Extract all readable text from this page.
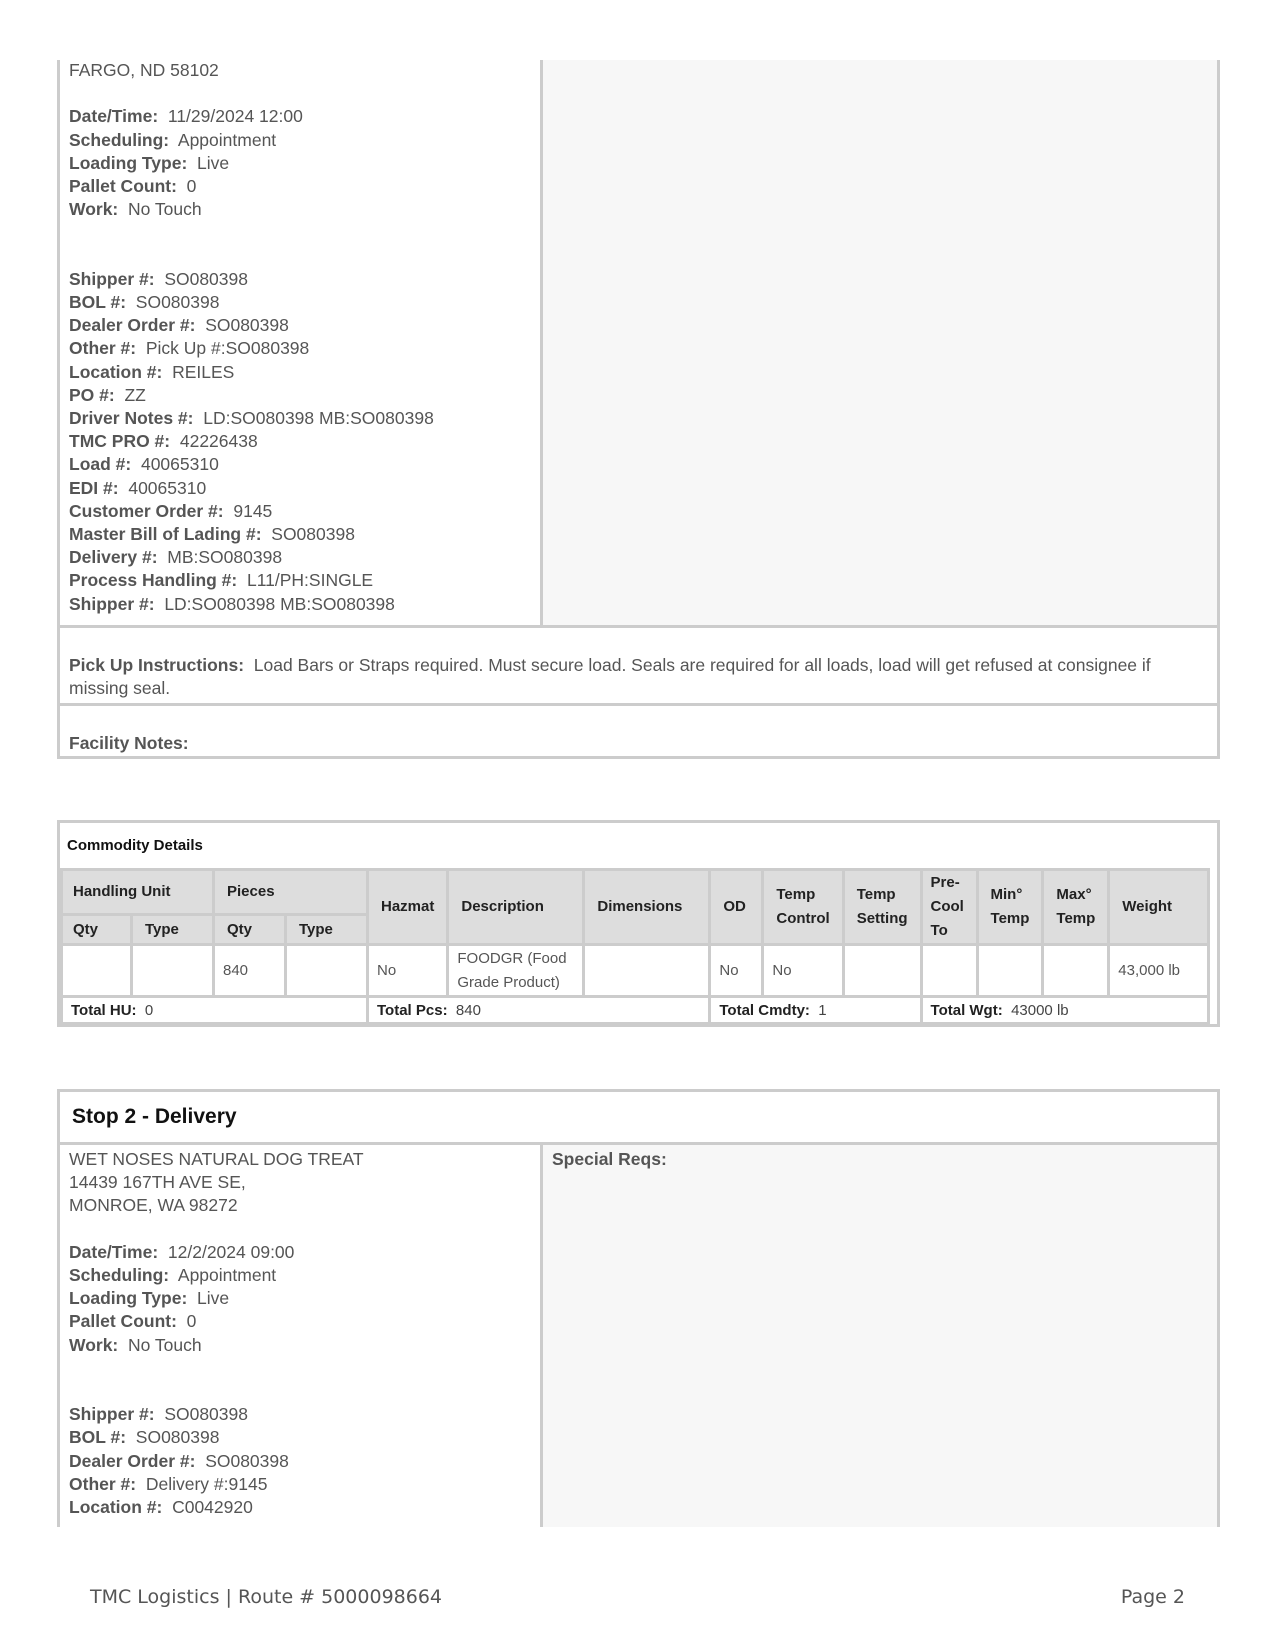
FARGO, ND 58102
Date/Time: 11/29/2024 12:00
Scheduling: Appointment
Loading Type: Live
Pallet Count: 0
Work: No Touch
Shipper #: SO080398
BOL #: SO080398
Dealer Order #: SO080398
Other #: Pick Up #:SO080398
Location #: REILES
PO #: ZZ
Driver Notes #: LD:SO080398 MB:SO080398
TMC PRO #: 42226438
Load #: 40065310
EDI #: 40065310
Customer Order #: 9145
Master Bill of Lading #: SO080398
Delivery #: MB:SO080398
Process Handling #: L11/PH:SINGLE
Shipper #: LD:SO080398 MB:SO080398
Pick Up Instructions: Load Bars or Straps required. Must secure load. Seals are required for all loads, load will get refused at consignee if missing seal.
Facility Notes:
Commodity Details
Handling Unit		Pieces		Hazmat	Description	Dimensions	OD	Temp Control	Temp Setting	Pre-Cool To	Min° Temp	Max° Temp	Weight
Qty	Type	Qty	Type										
		840		No	FOODGR (Food Grade Product)		No	No					43,000 lb
Total HU: 0				Total Pcs: 840			Total Cmdty: 1			Total Wgt: 43000 lb			
Stop 2 - Delivery
WET NOSES NATURAL DOG TREAT
14439 167TH AVE SE,
MONROE, WA 98272
Date/Time: 12/2/2024 09:00
Scheduling: Appointment
Loading Type: Live
Pallet Count: 0
Work: No Touch
Shipper #: SO080398
BOL #: SO080398
Dealer Order #: SO080398
Other #: Delivery #:9145
Location #: C0042920
Special Reqs:
TMC Logistics | Route # 5000098664	Page 2
